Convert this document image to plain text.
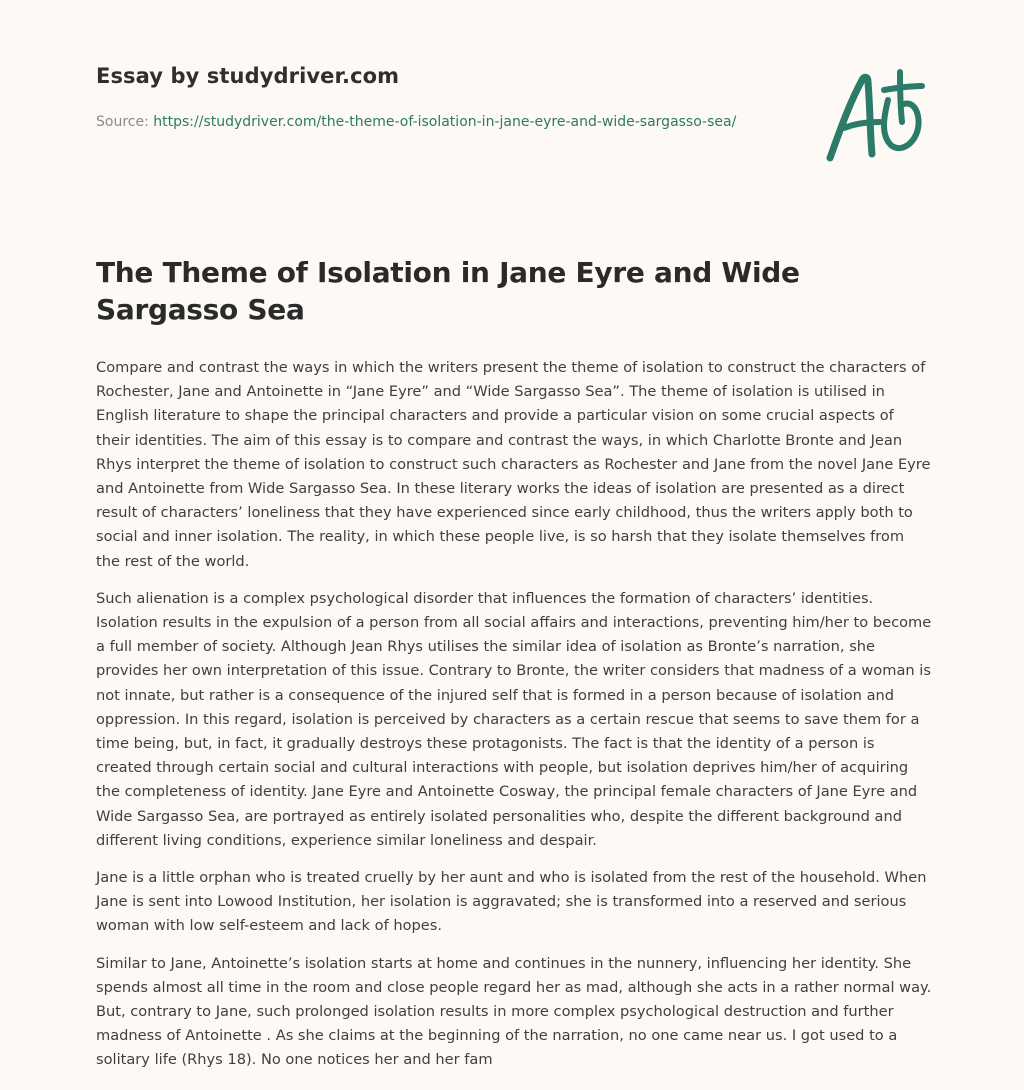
Essay by studydriver.com
Source: https://studydriver.com/the-theme-of-isolation-in-jane-eyre-and-wide-sargasso-sea/
The Theme of Isolation in Jane Eyre and Wide Sargasso Sea

Compare and contrast the ways in which the writers present the theme of isolation to construct the characters of Rochester, Jane and Antoinette in “Jane Eyre” and “Wide Sargasso Sea”. The theme of isolation is utilised in English literature to shape the principal characters and provide a particular vision on some crucial aspects of their identities. The aim of this essay is to compare and contrast the ways, in which Charlotte Bronte and Jean Rhys interpret the theme of isolation to construct such characters as Rochester and Jane from the novel Jane Eyre and Antoinette from Wide Sargasso Sea. In these literary works the ideas of isolation are presented as a direct result of characters’ loneliness that they have experienced since early childhood, thus the writers apply both to social and inner isolation. The reality, in which these people live, is so harsh that they isolate themselves from the rest of the world.

Such alienation is a complex psychological disorder that influences the formation of characters’ identities. Isolation results in the expulsion of a person from all social affairs and interactions, preventing him/her to become a full member of society. Although Jean Rhys utilises the similar idea of isolation as Bronte’s narration, she provides her own interpretation of this issue. Contrary to Bronte, the writer considers that madness of a woman is not innate, but rather is a consequence of the injured self that is formed in a person because of isolation and oppression. In this regard, isolation is perceived by characters as a certain rescue that seems to save them for a time being, but, in fact, it gradually destroys these protagonists. The fact is that the identity of a person is created through certain social and cultural interactions with people, but isolation deprives him/her of acquiring the completeness of identity. Jane Eyre and Antoinette Cosway, the principal female characters of Jane Eyre and Wide Sargasso Sea, are portrayed as entirely isolated personalities who, despite the different background and different living conditions, experience similar loneliness and despair.

Jane is a little orphan who is treated cruelly by her aunt and who is isolated from the rest of the household. When Jane is sent into Lowood Institution, her isolation is aggravated; she is transformed into a reserved and serious woman with low self-esteem and lack of hopes.

Similar to Jane, Antoinette’s isolation starts at home and continues in the nunnery, influencing her identity. She spends almost all time in the room and close people regard her as mad, although she acts in a rather normal way. But, contrary to Jane, such prolonged isolation results in more complex psychological destruction and further madness of Antoinette . As she claims at the beginning of the narration, no one came near us. I got used to a solitary life (Rhys 18). No one notices her and her fam
